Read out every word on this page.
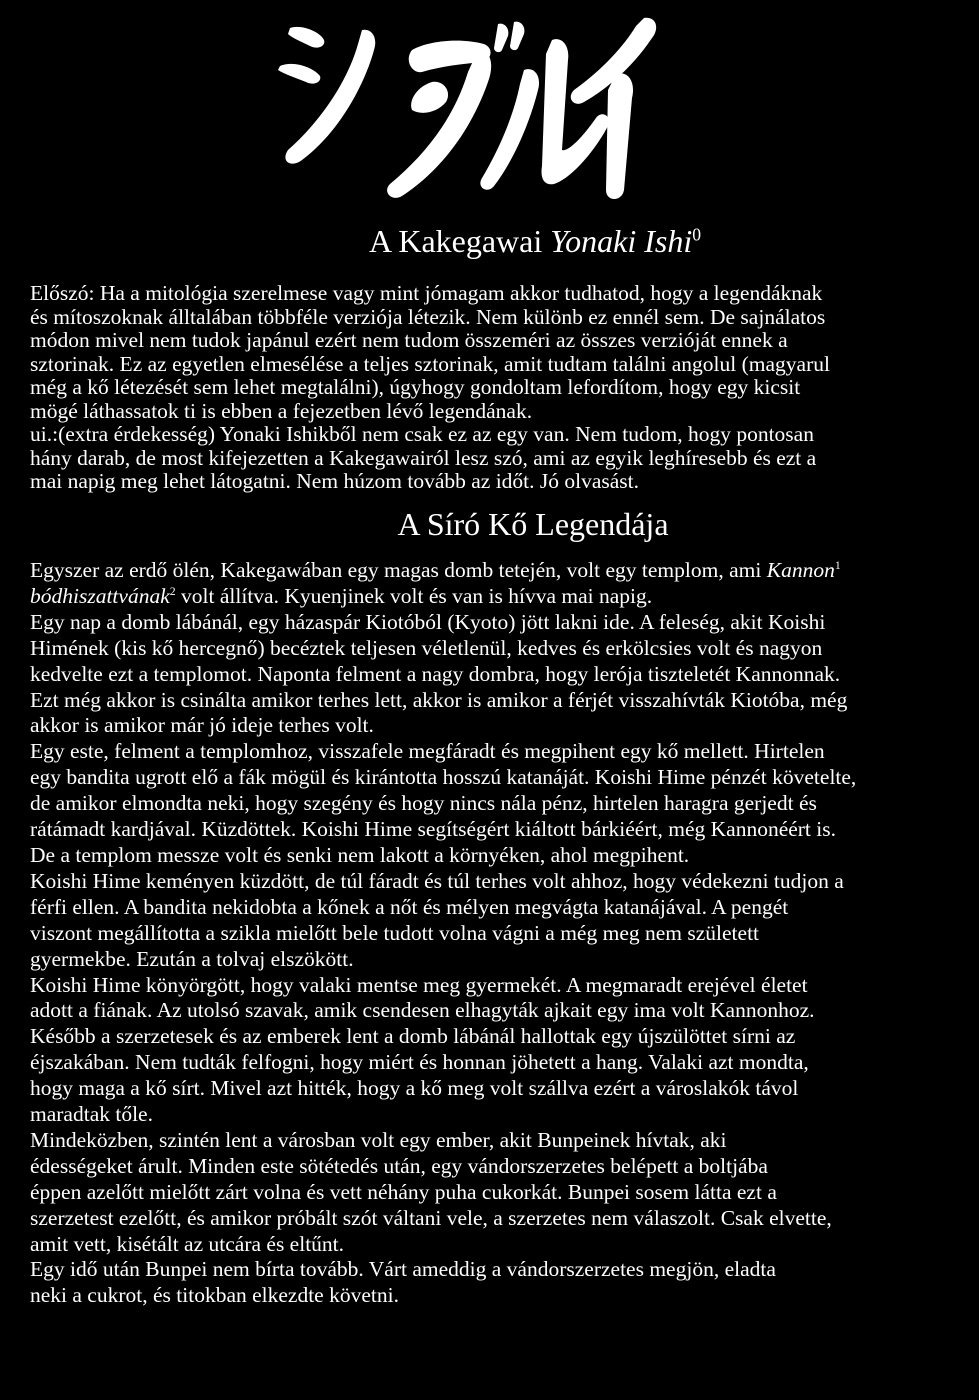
A Kakegawai Yonaki Ishi$^0$

Előszó: Ha a mitológia szerelmese vagy mint jómagam akkor tudhatod, hogy a legendáknak
és mítoszoknak álltalában többféle verziója létezik. Nem különb ez ennél sem. De sajnálatos
módon mivel nem tudok japánul ezért nem tudom összeméri az összes verzióját ennek a
sztorinak. Ez az egyetlen elmesélése a teljes sztorinak, amit tudtam találni angolul (magyarul
még a kő létezését sem lehet megtalálni), úgyhogy gondoltam lefordítom, hogy egy kicsit
mögé láthassatok ti is ebben a fejezetben lévő legendának.
ui.:(extra érdekesség) Yonaki Ishikből nem csak ez az egy van. Nem tudom, hogy pontosan
hány darab, de most kifejezetten a Kakegawairól lesz szó, ami az egyik leghíresebb és ezt a
mai napig meg lehet látogatni. Nem húzom tovább az időt. Jó olvasást.

A Síró Kő Legendája

Egyszer az erdő ölén, Kakegawában egy magas domb tetején, volt egy templom, ami Kannon$^1$
bódhiszattvának$^2$ volt állítva. Kyuenjinek volt és van is hívva mai napig.

Egy nap a domb lábánál, egy házaspár Kiotóból (Kyoto) jött lakni ide. A feleség, akit Koishi
Himének (kis kő hercegnő) becéztek teljesen véletlenül, kedves és erkölcsies volt és nagyon
kedvelte ezt a templomot. Naponta felment a nagy dombra, hogy lerója tiszteletét Kannonnak.
Ezt még akkor is csinálta amikor terhes lett, akkor is amikor a férjét visszahívták Kiotóba, még
akkor is amikor már jó ideje terhes volt.

Egy este, felment a templomhoz, visszafele megfáradt és megpihent egy kő mellett. Hirtelen
egy bandita ugrott elő a fák mögül és kirántotta hosszú katanáját. Koishi Hime pénzét követelte,
de amikor elmondta neki, hogy szegény és hogy nincs nála pénz, hirtelen haragra gerjedt és
rátámadt kardjával. Küzdöttek. Koishi Hime segítségért kiáltott bárkiéért, még Kannonéért is.
De a templom messze volt és senki nem lakott a környéken, ahol megpihent.

Koishi Hime keményen küzdött, de túl fáradt és túl terhes volt ahhoz, hogy védekezni tudjon a
férfi ellen. A bandita nekidobta a kőnek a nőt és mélyen megvágta katanájával. A pengét
viszont megállította a szikla mielőtt bele tudott volna vágni a még meg nem született
gyermekbe. Ezután a tolvaj elszökött.

Koishi Hime könyörgött, hogy valaki mentse meg gyermekét. A megmaradt erejével életet
adott a fiának. Az utolsó szavak, amik csendesen elhagyták ajkait egy ima volt Kannonhoz.
Később a szerzetesek és az emberek lent a domb lábánál hallottak egy újszülöttet sírni az
éjszakában. Nem tudták felfogni, hogy miért és honnan jöhetett a hang. Valaki azt mondta,
hogy maga a kő sírt. Mivel azt hitték, hogy a kő meg volt szállva ezért a városlakók távol
maradtak tőle.

Mindeközben, szintén lent a városban volt egy ember, akit Bunpeinek hívtak, aki
édességeket árult. Minden este sötétedés után, egy vándorszerzetes belépett a boltjába
éppen azelőtt mielőtt zárt volna és vett néhány puha cukorkát. Bunpei sosem látta ezt a
szerzetest ezelőtt, és amikor próbált szót váltani vele, a szerzetes nem válaszolt. Csak elvette,
amit vett, kisétált az utcára és eltűnt.

Egy idő után Bunpei nem bírta tovább. Várt ameddig a vándorszerzetes megjön, eladta
neki a cukrot, és titokban elkezdte követni.
